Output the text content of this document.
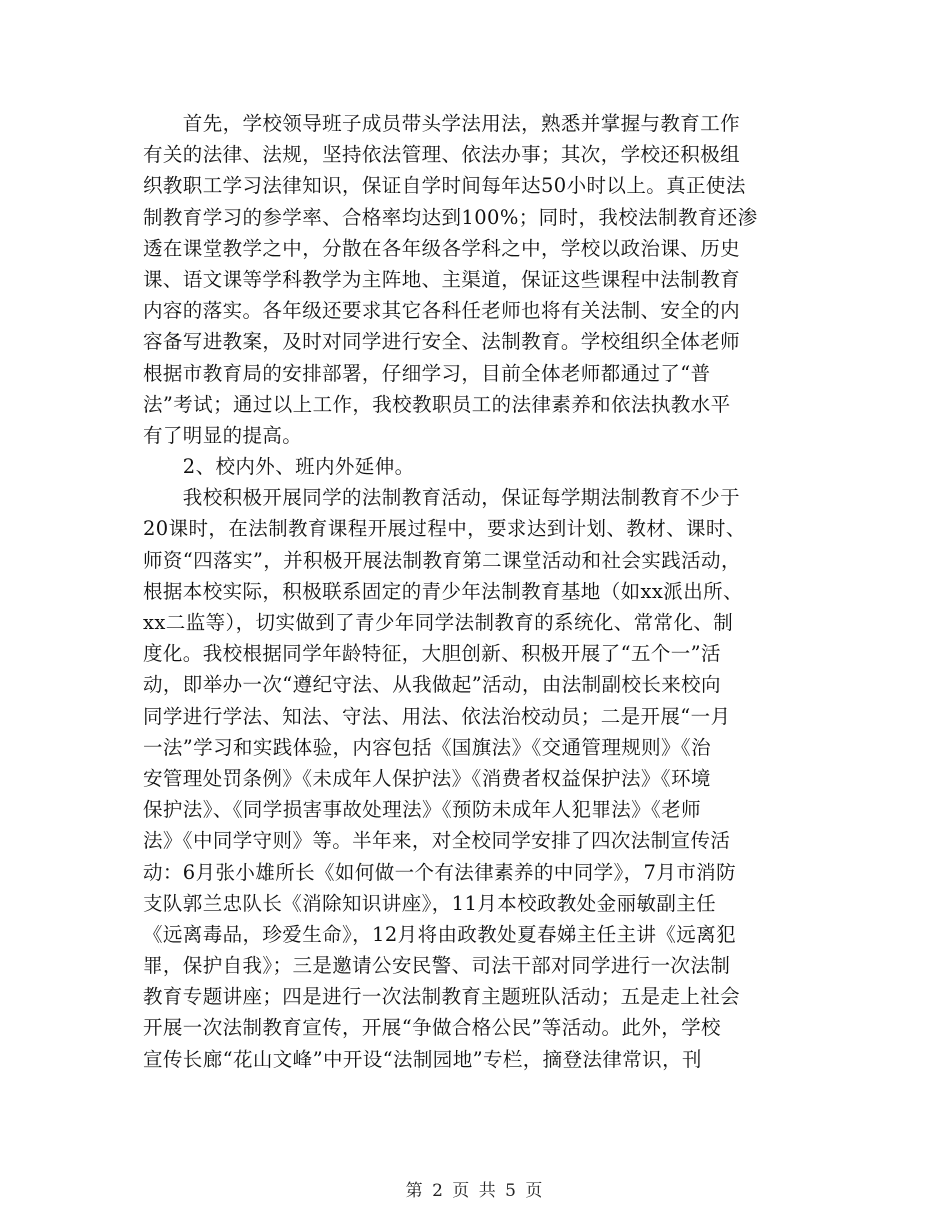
　　首先，学校领导班子成员带头学法用法，熟悉并掌握与教育工作
有关的法律、法规，坚持依法管理、依法办事；其次，学校还积极组
织教职工学习法律知识，保证自学时间每年达50小时以上。真正使法
制教育学习的参学率、合格率均达到100%；同时，我校法制教育还渗
透在课堂教学之中，分散在各年级各学科之中，学校以政治课、历史
课、语文课等学科教学为主阵地、主渠道，保证这些课程中法制教育
内容的落实。各年级还要求其它各科任老师也将有关法制、安全的内
容备写进教案，及时对同学进行安全、法制教育。学校组织全体老师
根据市教育局的安排部署，仔细学习，目前全体老师都通过了“普
法”考试；通过以上工作，我校教职员工的法律素养和依法执教水平
有了明显的提高。
　　2、校内外、班内外延伸。
　　我校积极开展同学的法制教育活动，保证每学期法制教育不少于
20课时，在法制教育课程开展过程中，要求达到计划、教材、课时、
师资“四落实”，并积极开展法制教育第二课堂活动和社会实践活动，
根据本校实际，积极联系固定的青少年法制教育基地（如xx派出所、
xx二监等），切实做到了青少年同学法制教育的系统化、常常化、制
度化。我校根据同学年龄特征，大胆创新、积极开展了“五个一”活
动，即举办一次“遵纪守法、从我做起”活动，由法制副校长来校向
同学进行学法、知法、守法、用法、依法治校动员；二是开展“一月
一法”学习和实践体验，内容包括《国旗法》《交通管理规则》《治
安管理处罚条例》《未成年人保护法》《消费者权益保护法》《环境
保护法》、《同学损害事故处理法》《预防未成年人犯罪法》《老师
法》《中同学守则》等。半年来，对全校同学安排了四次法制宣传活
动：6月张小雄所长《如何做一个有法律素养的中同学》，7月市消防
支队郭兰忠队长《消除知识讲座》，11月本校政教处金丽敏副主任
《远离毒品，珍爱生命》，12月将由政教处夏春娣主任主讲《远离犯
罪，保护自我》；三是邀请公安民警、司法干部对同学进行一次法制
教育专题讲座；四是进行一次法制教育主题班队活动；五是走上社会
开展一次法制教育宣传，开展“争做合格公民”等活动。此外，学校
宣传长廊“花山文峰”中开设“法制园地”专栏，摘登法律常识，刊
第 2 页 共 5 页
